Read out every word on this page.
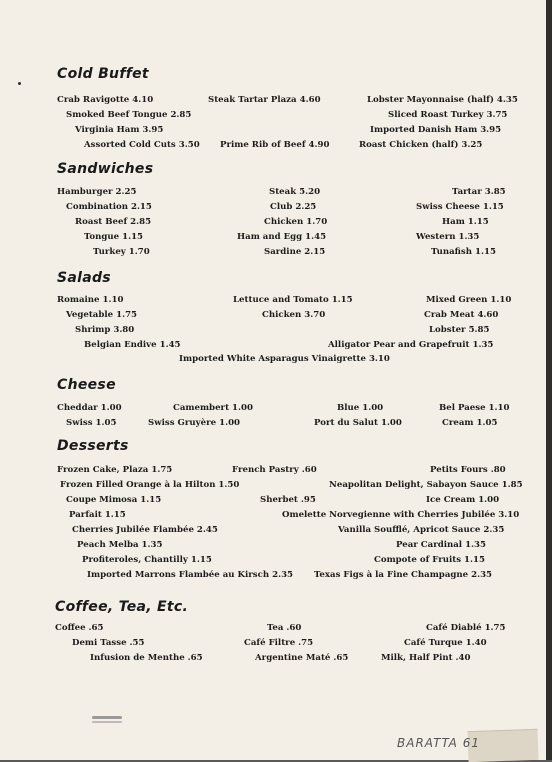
Cold Buffet
Crab Ravigotte 4.10	Steak Tartar Plaza 4.60	Lobster Mayonnaise (half) 4.35
Smoked Beef Tongue 2.85	Sliced Roast Turkey 3.75
Virginia Ham 3.95	Imported Danish Ham 3.95
Assorted Cold Cuts 3.50 Prime Rib of Beef 4.90	Roast Chicken (half) 3.25
Sandwiches
Hamburger 2.25	Steak 5.20	Tartar 3.85
Combination 2.15	Club 2.25	Swiss Cheese 1.15
Roast Beef 2.85	Chicken 1.70	Ham 1.15
Tongue 1.15	Ham and Egg 1.45	Western 1.35
Turkey 1.70	Sardine 2.15	Tunafish 1.15
Salads
Romaine 1.10	Lettuce and Tomato 1.15	Mixed Green 1.10
Vegetable 1.75	Chicken 3.70	Crab Meat 4.60
Shrimp 3.80	Lobster 5.85
Belgian Endive 1.45	Alligator Pear and Grapefruit 1.35
Imported White Asparagus Vinaigrette 3.10
Cheese
Cheddar 1.00	Camembert 1.00	Blue 1.00	Bel Paese 1.10
Swiss 1.05	Swiss Gruyère 1.00	Port du Salut 1.00	Cream 1.05
Desserts
Frozen Cake, Plaza 1.75	French Pastry .60	Petits Fours .80
Frozen Filled Orange à la Hilton 1.50	Neapolitan Delight, Sabayon Sauce 1.85
Coupe Mimosa 1.15	Sherbet .95	Ice Cream 1.00
Parfait 1.15	Omelette Norvegienne with Cherries Jubilée 3.10
Cherries Jubilée Flambée 2.45	Vanilla Soufflé, Apricot Sauce 2.35
Peach Melba 1.35	Pear Cardinal 1.35
Profiteroles, Chantilly 1.15	Compote of Fruits 1.15
Imported Marrons Flambée au Kirsch 2.35 Texas Figs à la Fine Champagne 2.35
Coffee, Tea, Etc.
Coffee .65	Tea .60	Café Diablé 1.75
Demi Tasse .55	Café Filtre .75	Café Turque 1.40
Infusion de Menthe .65	Argentine Maté .65	Milk, Half Pint .40
BARATTA 61
